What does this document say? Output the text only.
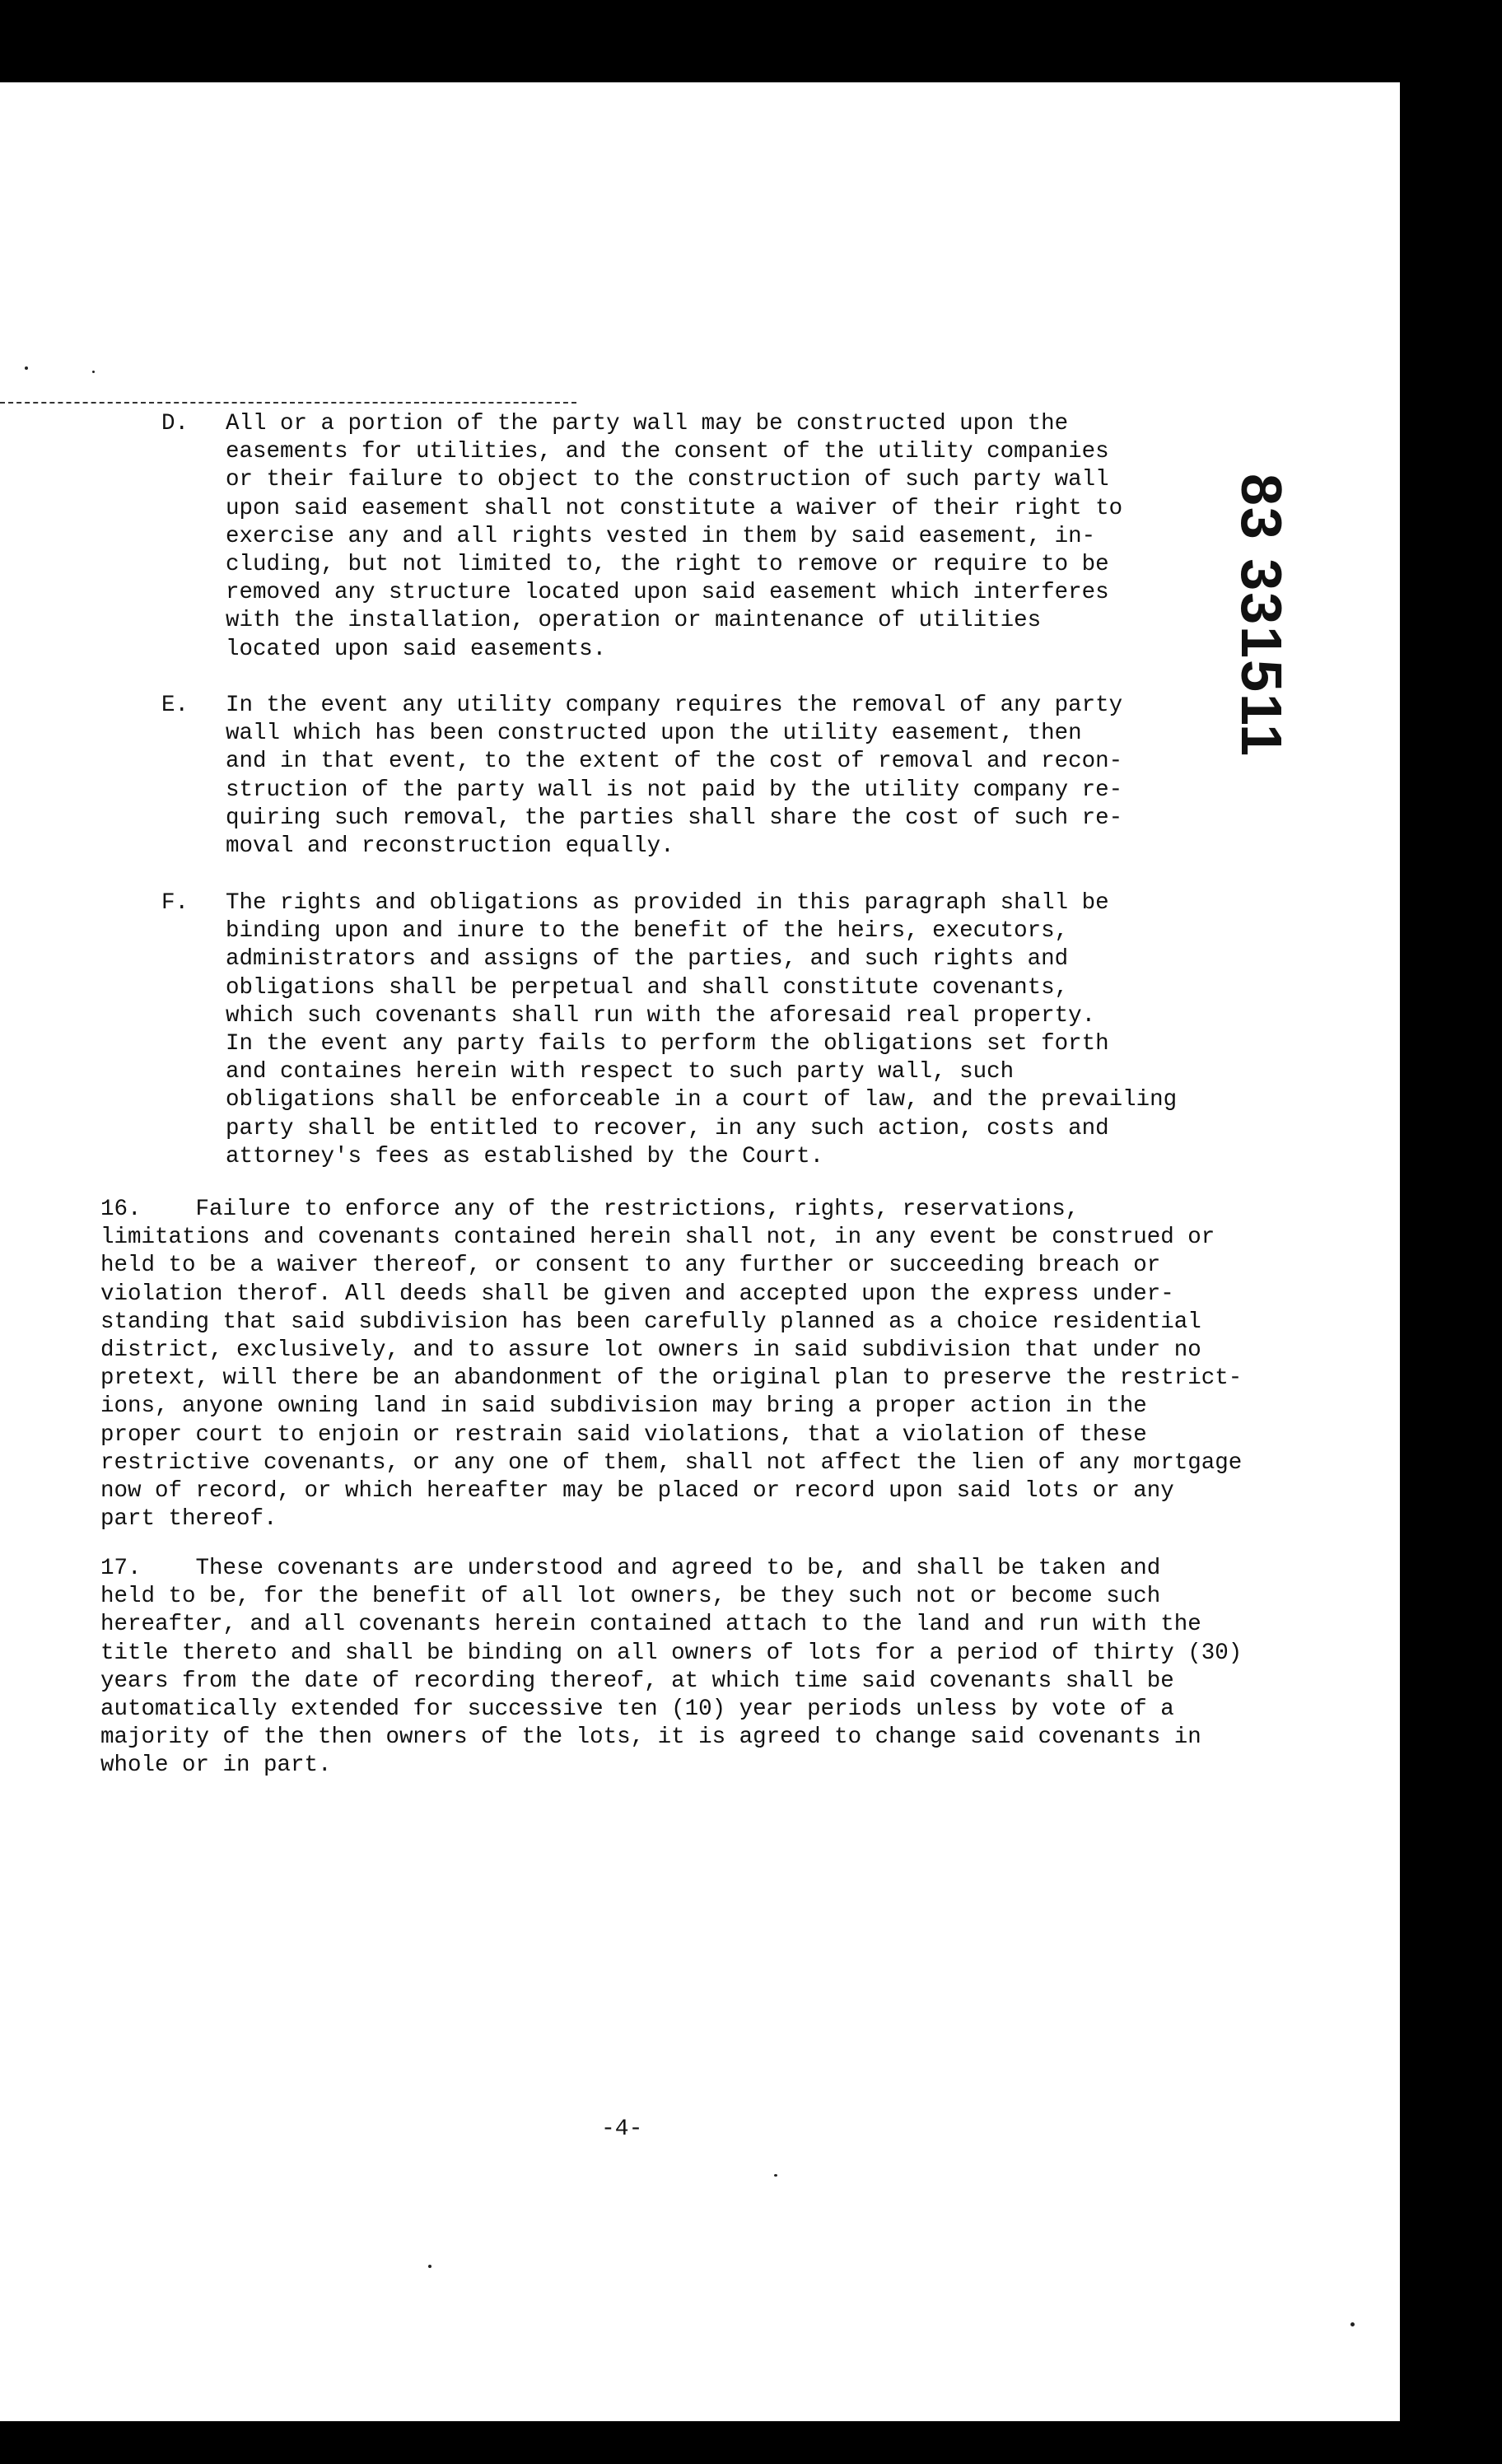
83 331511
D. All or a portion of the party wall may be constructed upon the
easements for utilities, and the consent of the utility companies
or their failure to object to the construction of such party wall
upon said easement shall not constitute a waiver of their right to
exercise any and all rights vested in them by said easement, in-
cluding, but not limited to, the right to remove or require to be
removed any structure located upon said easement which interferes
with the installation, operation or maintenance of utilities
located upon said easements.
E. In the event any utility company requires the removal of any party
wall which has been constructed upon the utility easement, then
and in that event, to the extent of the cost of removal and recon-
struction of the party wall is not paid by the utility company re-
quiring such removal, the parties shall share the cost of such re-
moval and reconstruction equally.
F. The rights and obligations as provided in this paragraph shall be
binding upon and inure to the benefit of the heirs, executors,
administrators and assigns of the parties, and such rights and
obligations shall be perpetual and shall constitute covenants,
which such covenants shall run with the aforesaid real property.
In the event any party fails to perform the obligations set forth
and containes herein with respect to such party wall, such
obligations shall be enforceable in a court of law, and the prevailing
party shall be entitled to recover, in any such action, costs and
attorney's fees as established by the Court.
16.    Failure to enforce any of the restrictions, rights, reservations,
limitations and covenants contained herein shall not, in any event be construed or
held to be a waiver thereof, or consent to any further or succeeding breach or
violation therof. All deeds shall be given and accepted upon the express under-
standing that said subdivision has been carefully planned as a choice residential
district, exclusively, and to assure lot owners in said subdivision that under no
pretext, will there be an abandonment of the original plan to preserve the restrict-
ions, anyone owning land in said subdivision may bring a proper action in the
proper court to enjoin or restrain said violations, that a violation of these
restrictive covenants, or any one of them, shall not affect the lien of any mortgage
now of record, or which hereafter may be placed or record upon said lots or any
part thereof.
17.    These covenants are understood and agreed to be, and shall be taken and
held to be, for the benefit of all lot owners, be they such not or become such
hereafter, and all covenants herein contained attach to the land and run with the
title thereto and shall be binding on all owners of lots for a period of thirty (30)
years from the date of recording thereof, at which time said covenants shall be
automatically extended for successive ten (10) year periods unless by vote of a
majority of the then owners of the lots, it is agreed to change said covenants in
whole or in part.
-4-
